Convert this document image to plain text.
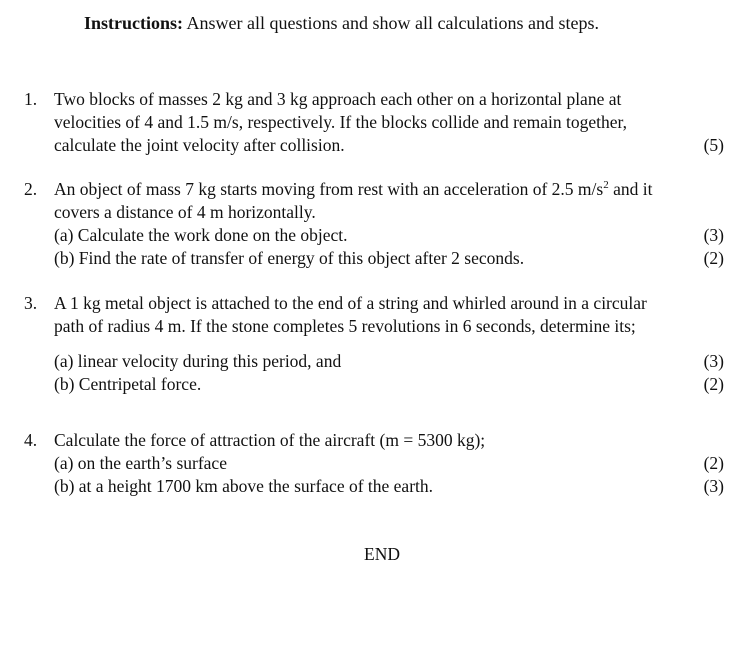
Instructions: Answer all questions and show all calculations and steps.
1. Two blocks of masses 2 kg and 3 kg approach each other on a horizontal plane at
velocities of 4 and 1.5 m/s, respectively. If the blocks collide and remain together,
calculate the joint velocity after collision.	(5)
2. An object of mass 7 kg starts moving from rest with an acceleration of 2.5 $m/s^2$ and it
covers a distance of 4 m horizontally.
(a) Calculate the work done on the object.	(3)
(b) Find the rate of transfer of energy of this object after 2 seconds.	(2)
3. A 1 kg metal object is attached to the end of a string and whirled around in a circular
path of radius 4 m. If the stone completes 5 revolutions in 6 seconds, determine its;
(a) linear velocity during this period, and	(3)
(b) Centripetal force.	(2)
4. Calculate the force of attraction of the aircraft (m = 5300 kg);
(a) on the earth’s surface	(2)
(b) at a height 1700 km above the surface of the earth.	(3)
END
